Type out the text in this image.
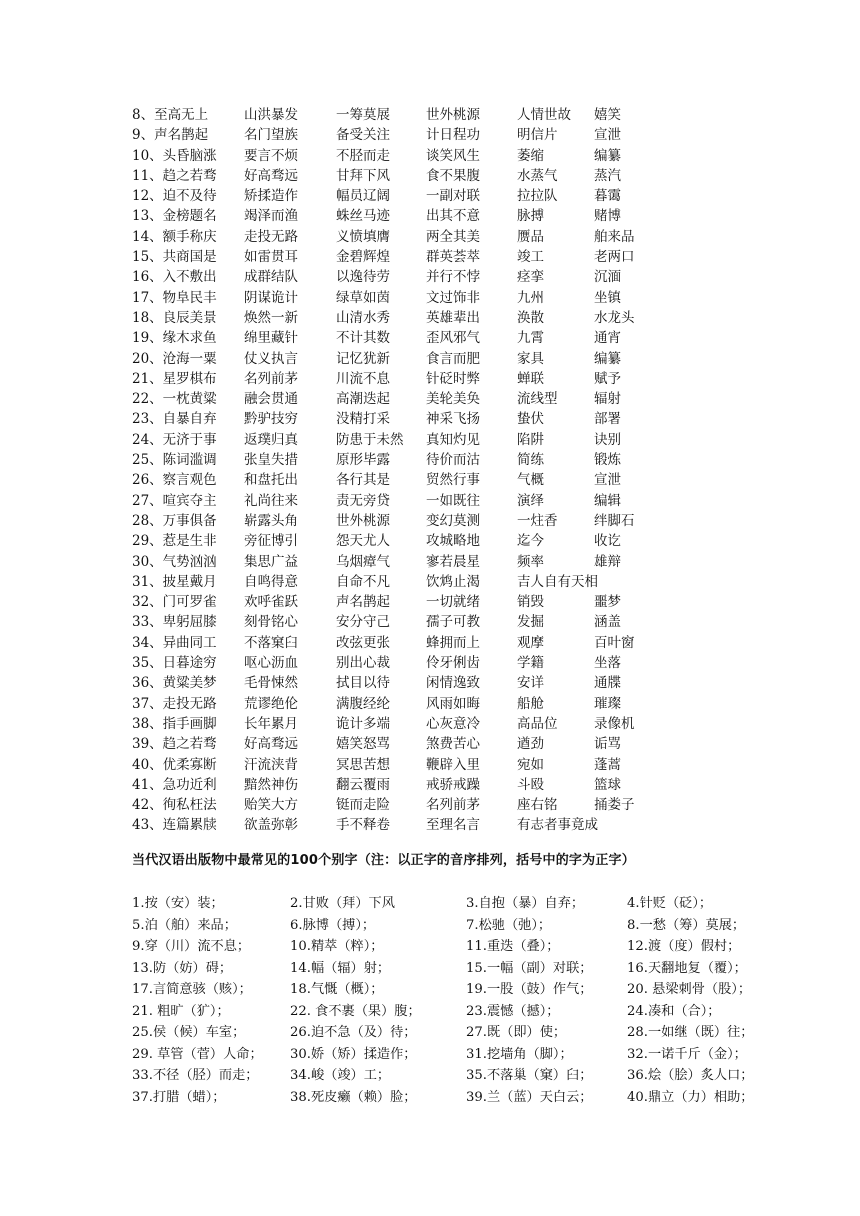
8、至高无上	山洪暴发	一筹莫展	世外桃源	人情世故 嬉笑
9、声名鹊起	名门望族	备受关注	计日程功	明信片	宣泄
10、头昏脑涨 要言不烦	不胫而走	谈笑风生	萎缩	编纂
11、趋之若骛 好高骛远	甘拜下风	食不果腹	水蒸气	蒸汽
12、迫不及待 矫揉造作	幅员辽阔	一副对联	拉拉队	暮霭
13、金榜题名 竭泽而渔	蛛丝马迹	出其不意	脉搏	赌博
14、额手称庆 走投无路	义愤填膺	两全其美	赝品	舶来品
15、共商国是 如雷贯耳	金碧辉煌	群英荟萃	竣工	老两口
16、入不敷出 成群结队	以逸待劳	并行不悖	痉挛	沉湎
17、物阜民丰 阴谋诡计	绿草如茵	文过饰非	九州	坐镇
18、良辰美景 焕然一新	山清水秀	英雄辈出	涣散	水龙头
19、缘木求鱼 绵里藏针	不计其数	歪风邪气	九霄	通宵
20、沧海一粟 仗义执言	记忆犹新	食言而肥	家具	编纂
21、星罗棋布 名列前茅	川流不息	针砭时弊	蝉联	赋予
22、一枕黄粱 融会贯通	高潮迭起	美轮美奂	流线型	辐射
23、自暴自弃 黔驴技穷	没精打采	神采飞扬	蛰伏	部署
24、无济于事 返璞归真	防患于未然 真知灼见	陷阱	诀别
25、陈词滥调 张皇失措	原形毕露	待价而沽	简练	锻炼
26、察言观色 和盘托出	各行其是	贸然行事	气概	宣泄
27、喧宾夺主 礼尚往来	责无旁贷	一如既往	演绎	编辑
28、万事俱备 崭露头角	世外桃源	变幻莫测	一炷香	绊脚石
29、惹是生非 旁征博引	怨天尤人	攻城略地	迄今	收讫
30、气势汹汹 集思广益	乌烟瘴气	寥若晨星	频率	雄辩
31、披星戴月 自鸣得意	自命不凡	饮鸩止渴	吉人自有天相
32、门可罗雀 欢呼雀跃	声名鹊起	一切就绪	销毁	噩梦
33、卑躬屈膝 刻骨铭心	安分守己	孺子可教	发掘	涵盖
34、异曲同工 不落窠臼	改弦更张	蜂拥而上	观摩	百叶窗
35、日暮途穷 呕心沥血	别出心裁	伶牙俐齿	学籍	坐落
36、黄粱美梦 毛骨悚然	拭目以待	闲情逸致	安详	通牒
37、走投无路 荒谬绝伦	满腹经纶	风雨如晦	船舱	璀璨
38、指手画脚 长年累月	诡计多端	心灰意冷	高品位	录像机
39、趋之若骛 好高骛远	嬉笑怒骂	煞费苦心	遒劲	诟骂
40、优柔寡断 汗流浃背	冥思苦想	鞭辟入里	宛如	蓬蒿
41、急功近利 黯然神伤	翻云覆雨	戒骄戒躁	斗殴	篮球
42、徇私枉法 贻笑大方	铤而走险	名列前茅	座右铭	捅娄子
43、连篇累牍 欲盖弥彰	手不释卷	至理名言	有志者事竟成
当代汉语出版物中最常见的100个别字（注：以正字的音序排列，括号中的字为正字）
1.按（安）装；	2.甘败（拜）下风	3.自抱（暴）自弃；	4.针贬（砭）；
5.泊（舶）来品；	6.脉博（搏）；	7.松驰（弛）；	8.一愁（筹）莫展；
9.穿（川）流不息；	10.精萃（粹）；	11.重迭（叠）；	12.渡（度）假村；
13.防（妨）碍；	14.幅（辐）射；	15.一幅（副）对联；	16.天翻地复（覆）；
17.言简意骇（赅）；	18.气慨（概）；	19.一股（鼓）作气；	20. 悬梁刺骨（股）；
21. 粗旷（犷）；	22. 食不裹（果）腹；	23.震憾（撼）；	24.凑和（合）；
25.侯（候）车室；	26.迫不急（及）待；	27.既（即）使；	28.一如继（既）往；
29. 草管（菅）人命； 30.娇（矫）揉造作；	31.挖墙角（脚）；	32.一诺千斤（金）；
33.不径（胫）而走； 34.峻（竣）工；	35.不落巢（窠）臼；	36.烩（脍）炙人口；
37.打腊（蜡）；	38.死皮癞（赖）脸；	39.兰（蓝）天白云；	40.鼎立（力）相助；
